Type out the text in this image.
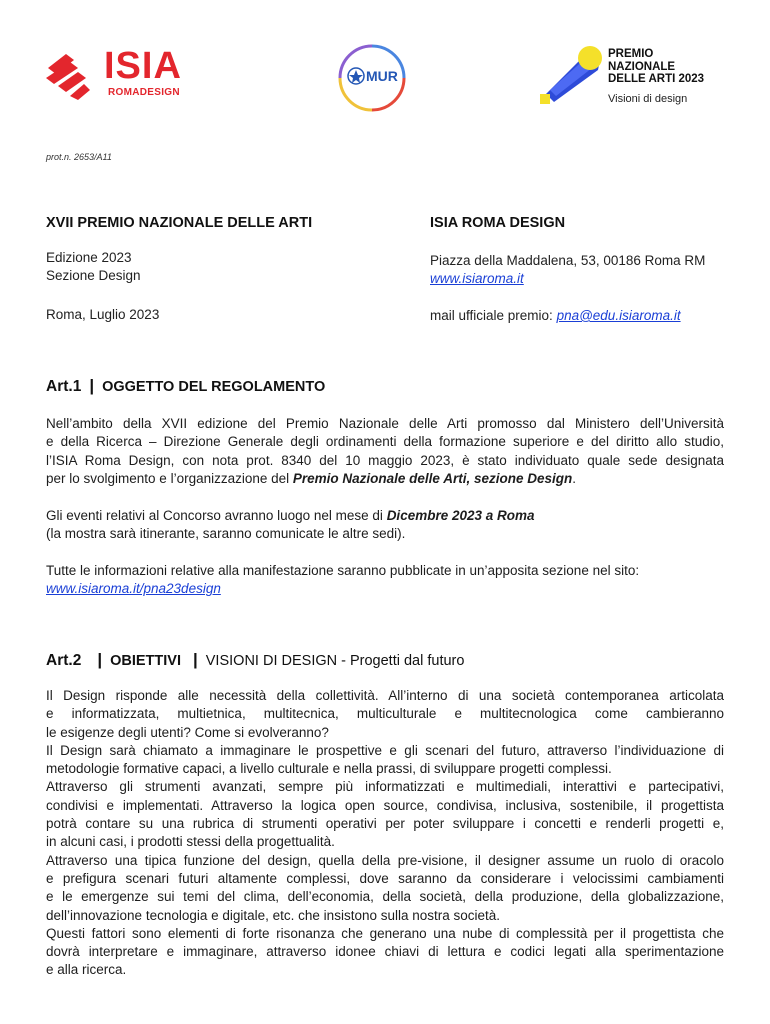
ISIA
ROMADESIGN
MUR
PREMIO
NAZIONALE
DELLE ARTI 2023
Visioni di design
prot.n. 2653/A11
XVII PREMIO NAZIONALE DELLE ARTI
Edizione 2023
Sezione Design
Roma, Luglio 2023
ISIA ROMA DESIGN
Piazza della Maddalena, 53, 00186 Roma RM
www.isiaroma.it
mail ufficiale premio: pna@edu.isiaroma.it
Art.1 | OGGETTO DEL REGOLAMENTO
Nell’ambito della XVII edizione del Premio Nazionale delle Arti promosso dal Ministero dell’Università
e della Ricerca – Direzione Generale degli ordinamenti della formazione superiore e del diritto allo studio,
l’ISIA Roma Design, con nota prot. 8340 del 10 maggio 2023, è stato individuato quale sede designata
per lo svolgimento e l’organizzazione del Premio Nazionale delle Arti, sezione Design.
Gli eventi relativi al Concorso avranno luogo nel mese di Dicembre 2023 a Roma
(la mostra sarà itinerante, saranno comunicate le altre sedi).
Tutte le informazioni relative alla manifestazione saranno pubblicate in un’apposita sezione nel sito:
www.isiaroma.it/pna23design
Art.2 | OBIETTIVI | VISIONI DI DESIGN - Progetti dal futuro
Il Design risponde alle necessità della collettività. All’interno di una società contemporanea articolata
e informatizzata, multietnica, multitecnica, multiculturale e multitecnologica come cambieranno
le esigenze degli utenti? Come si evolveranno?
Il Design sarà chiamato a immaginare le prospettive e gli scenari del futuro, attraverso l’individuazione di
metodologie formative capaci, a livello culturale e nella prassi, di sviluppare progetti complessi.
Attraverso gli strumenti avanzati, sempre più informatizzati e multimediali, interattivi e partecipativi,
condivisi e implementati. Attraverso la logica open source, condivisa, inclusiva, sostenibile, il progettista
potrà contare su una rubrica di strumenti operativi per poter sviluppare i concetti e renderli progetti e,
in alcuni casi, i prodotti stessi della progettualità.
Attraverso una tipica funzione del design, quella della pre-visione, il designer assume un ruolo di oracolo
e prefigura scenari futuri altamente complessi, dove saranno da considerare i velocissimi cambiamenti
e le emergenze sui temi del clima, dell’economia, della società, della produzione, della globalizzazione,
dell’innovazione tecnologia e digitale, etc. che insistono sulla nostra società.
Questi fattori sono elementi di forte risonanza che generano una nube di complessità per il progettista che
dovrà interpretare e immaginare, attraverso idonee chiavi di lettura e codici legati alla sperimentazione
e alla ricerca.
